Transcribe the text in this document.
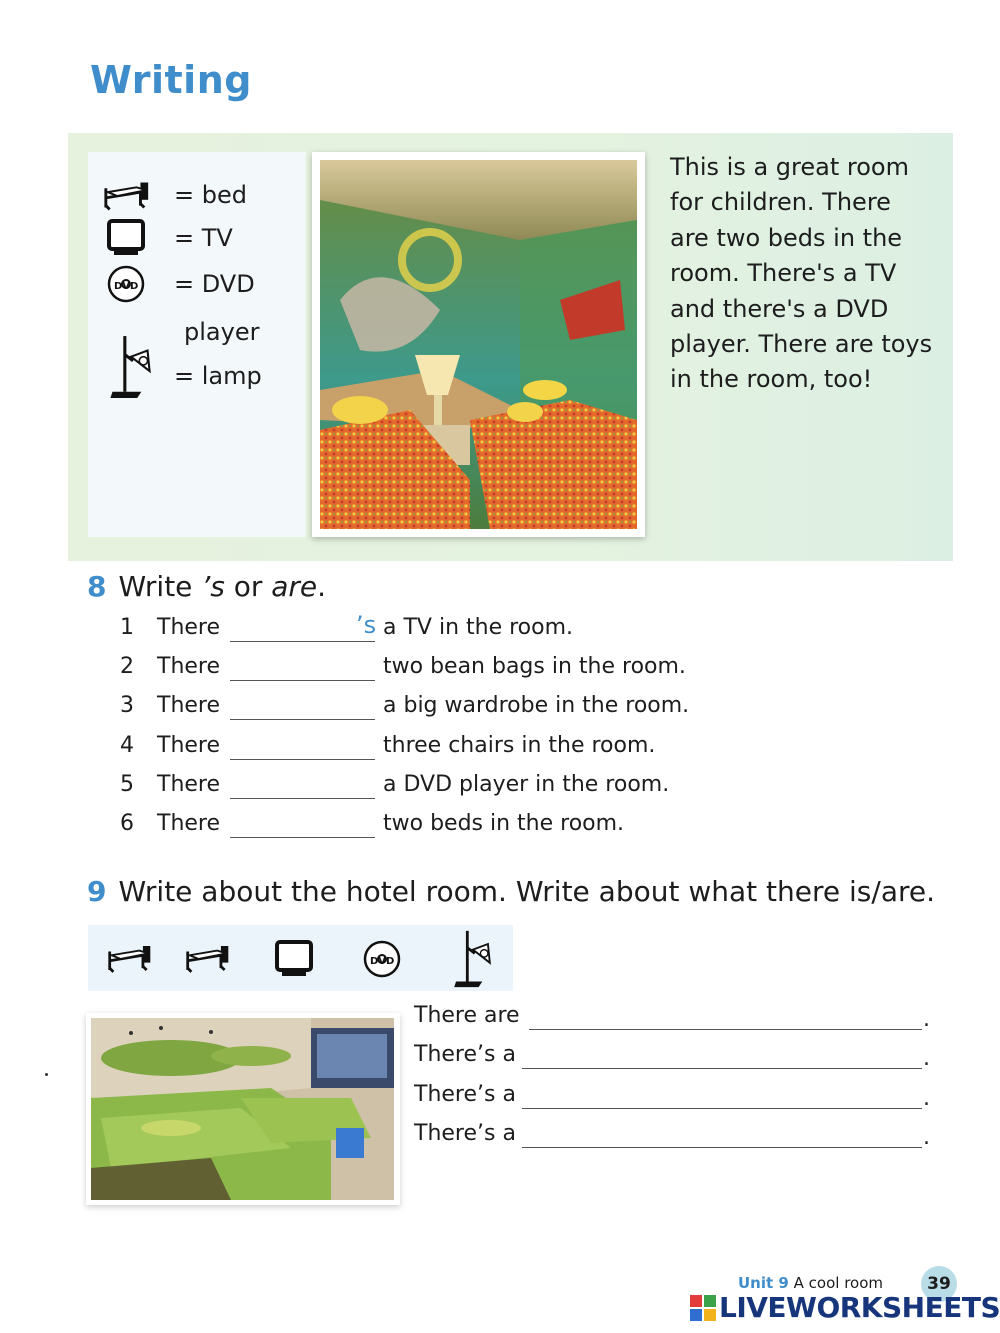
Writing
= bed
= TV
= DVD
player
= lamp
This is a great room
for children. There
are two beds in the
room. There's a TV
and there's a DVD
player. There are toys
in the room, too!
8 Write ’s or are.
1 There	’s a TV in the room.
2 There	two bean bags in the room.
3 There	a big wardrobe in the room.
4 There	three chairs in the room.
5 There	a DVD player in the room.
6 There	two beds in the room.
9 Write about the hotel room. Write about what there is/are.
There are	.
There’s a	.
There’s a	.
There’s a	.
Unit 9 A cool room	39
LIVEWORKSHEETS
